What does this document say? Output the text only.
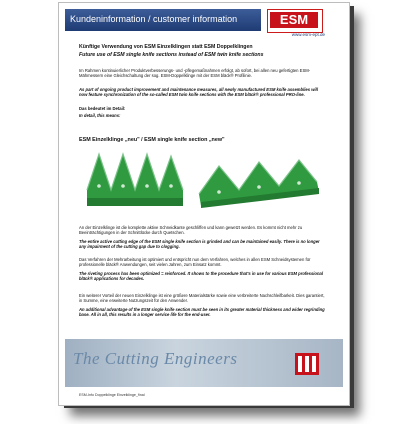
Kundeninformation / customer information	ESM
www.esm-ept.de
Künftige Verwendung von ESM Einzelklingen statt ESM Doppelklingen
Future use of ESM single knife sections instead of ESM twin knife sections
Im Rahmen kontinuierlicher Produktverbesserungs- und -pflegemaßnahmen erfolgt, ab sofort, bei allen neu gefertigten ESM-Mähmessern eine Gleichschaltung der sog. ESM-Doppelklinge mit der ESM bläck® Profilinie.
As part of ongoing product improvement and maintenance measures, all newly manufactured ESM knife assemblies will now feature synchronization of the so-called ESM twin knife sections with the ESM bläck® professional PRO-line.
Das bedeutet im Detail:
In detail, this means:
ESM Einzelklinge „neu" / ESM single knife section „new"
An der Einzelklinge ist die komplette aktive Schneidkante geschliffen und kann gewetzt werden. Es kommt nicht mehr zu Beeinträchtigungen in der Schnittlücke durch Quetschen.
The entire active cutting edge of the ESM single knife section is grinded and can be maintained easily. There is no longer any impairment of the cutting gap due to clogging.
Das Verfahren der Mehrarbeitung ist optimiert und entspricht nun dem Verfahren, welches in allen ESM Schneidsystemen für professionelle bläck® Anwendungen, seit vielen Jahren, zum Einsatz kommt.
The riveting process has been optimized = reinforced. It shows to the procedure that's in use for various ESM professional bläck® applications for decades.
Ein weiterer Vorteil der neuen Einzelklinge ist eine größere Materialstärke sowie eine verbreiterte Nachschleifbarkeit. Dies garantiert, in Summe, eine erweiterte Nutzungszeit für den Anwender.
An additional advantage of the ESM single knife section must be seen in its greater material thickness and wider regrinding base. All in all, this results in a longer service life for the end-user.
The Cutting Engineers
ESM-Info Doppelklinge Einzelklinge_final
